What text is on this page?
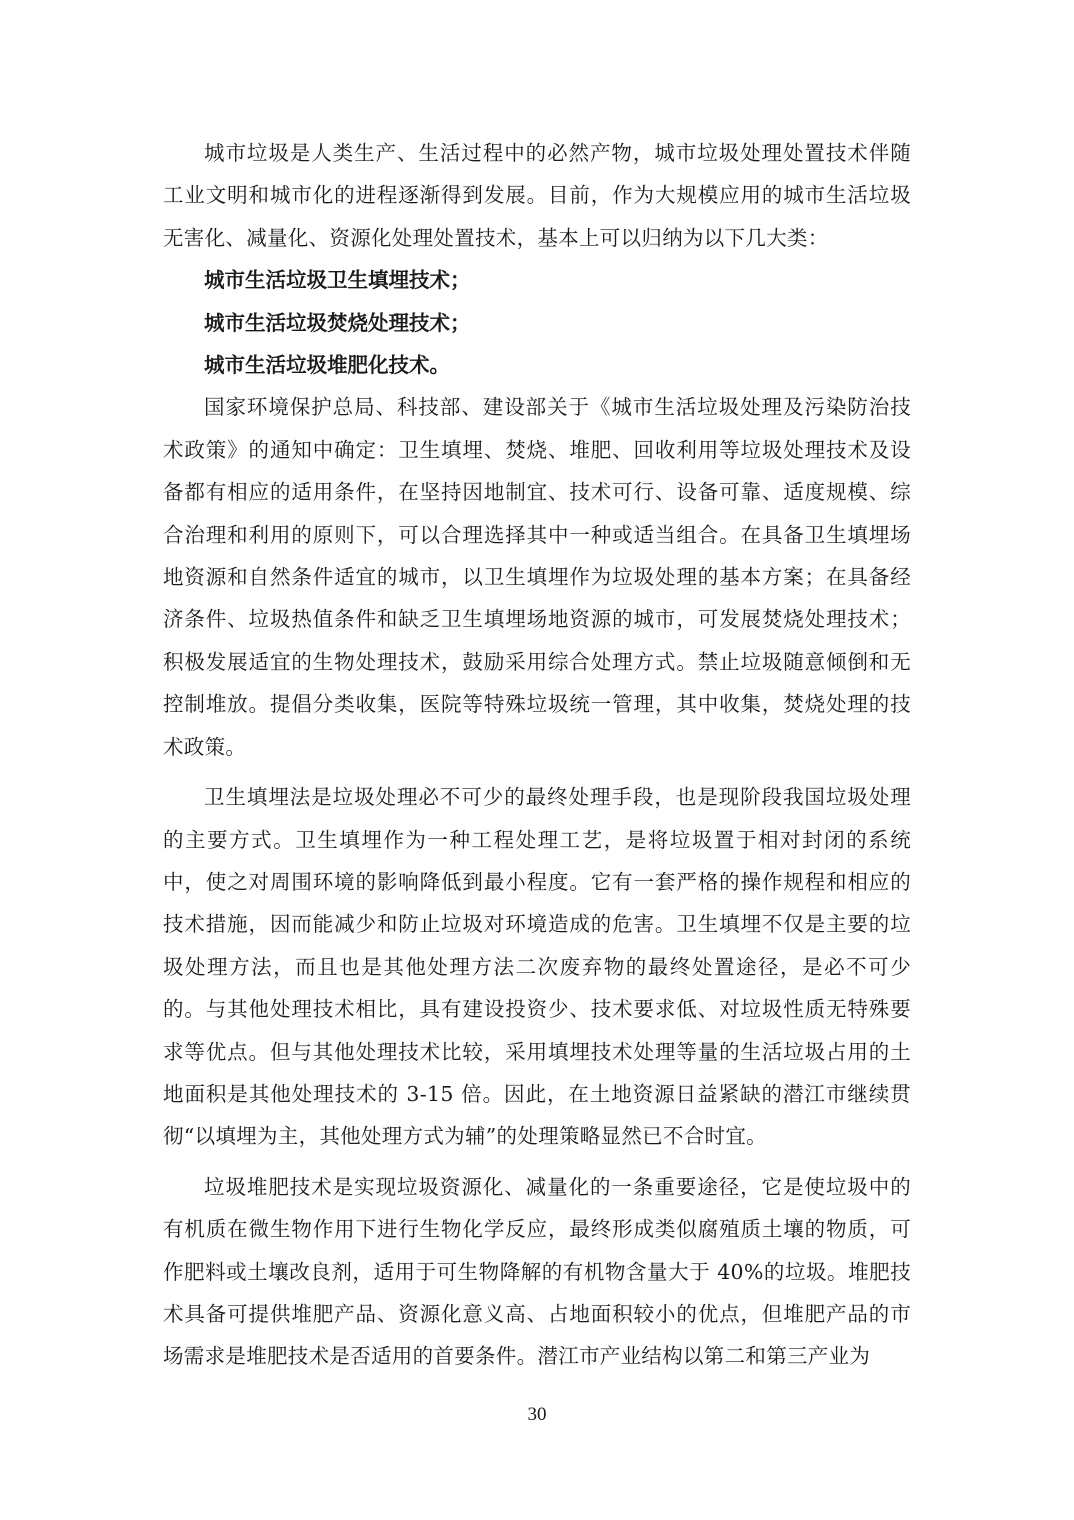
城市垃圾是人类生产、生活过程中的必然产物，城市垃圾处理处置技术伴随工业文明和城市化的进程逐渐得到发展。目前，作为大规模应用的城市生活垃圾无害化、减量化、资源化处理处置技术，基本上可以归纳为以下几大类：

城市生活垃圾卫生填埋技术；

城市生活垃圾焚烧处理技术；

城市生活垃圾堆肥化技术。

国家环境保护总局、科技部、建设部关于《城市生活垃圾处理及污染防治技术政策》的通知中确定：卫生填埋、焚烧、堆肥、回收利用等垃圾处理技术及设备都有相应的适用条件，在坚持因地制宜、技术可行、设备可靠、适度规模、综合治理和利用的原则下，可以合理选择其中一种或适当组合。在具备卫生填埋场地资源和自然条件适宜的城市，以卫生填埋作为垃圾处理的基本方案；在具备经济条件、垃圾热值条件和缺乏卫生填埋场地资源的城市，可发展焚烧处理技术；积极发展适宜的生物处理技术，鼓励采用综合处理方式。禁止垃圾随意倾倒和无控制堆放。提倡分类收集，医院等特殊垃圾统一管理，其中收集，焚烧处理的技术政策。

卫生填埋法是垃圾处理必不可少的最终处理手段，也是现阶段我国垃圾处理的主要方式。卫生填埋作为一种工程处理工艺，是将垃圾置于相对封闭的系统中，使之对周围环境的影响降低到最小程度。它有一套严格的操作规程和相应的技术措施，因而能减少和防止垃圾对环境造成的危害。卫生填埋不仅是主要的垃圾处理方法，而且也是其他处理方法二次废弃物的最终处置途径，是必不可少的。与其他处理技术相比，具有建设投资少、技术要求低、对垃圾性质无特殊要求等优点。但与其他处理技术比较，采用填埋技术处理等量的生活垃圾占用的土地面积是其他处理技术的 3-15 倍。因此，在土地资源日益紧缺的潜江市继续贯彻“以填埋为主，其他处理方式为辅”的处理策略显然已不合时宜。

垃圾堆肥技术是实现垃圾资源化、减量化的一条重要途径，它是使垃圾中的有机质在微生物作用下进行生物化学反应，最终形成类似腐殖质土壤的物质，可作肥料或土壤改良剂，适用于可生物降解的有机物含量大于 40%的垃圾。堆肥技术具备可提供堆肥产品、资源化意义高、占地面积较小的优点，但堆肥产品的市场需求是堆肥技术是否适用的首要条件。潜江市产业结构以第二和第三产业为

30
